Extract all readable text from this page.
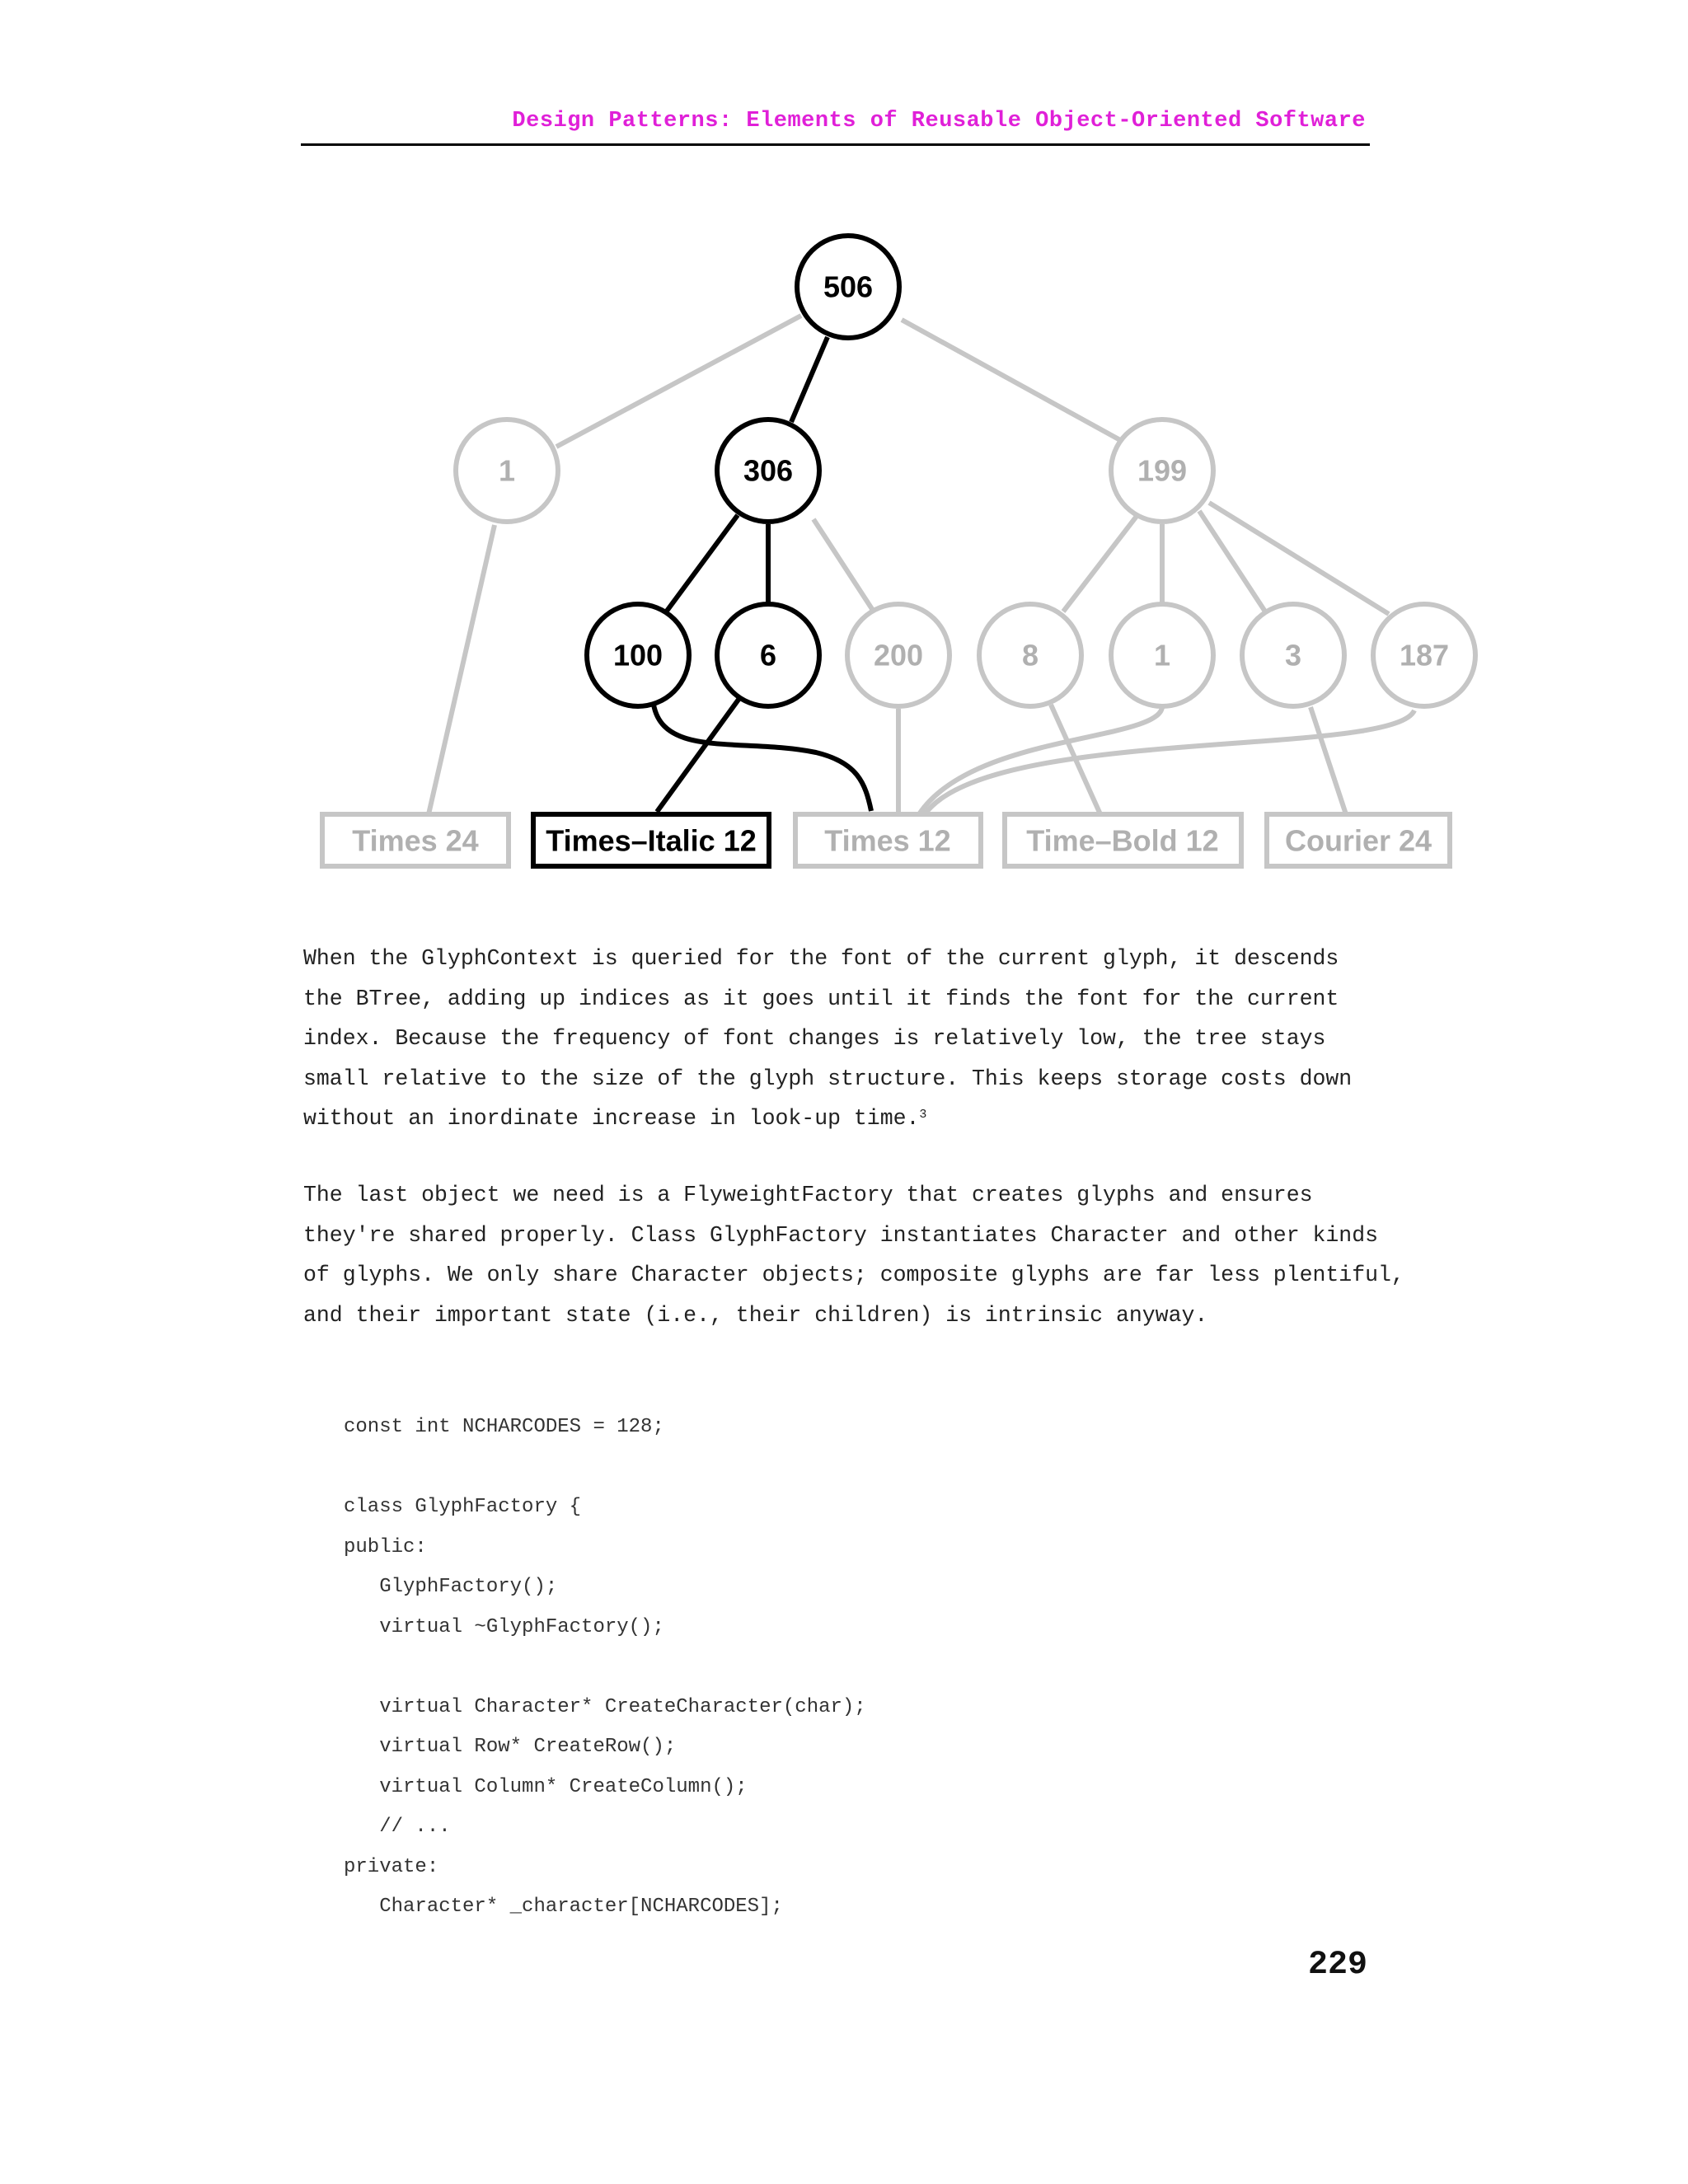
Design Patterns: Elements of Reusable Object-Oriented Software
506
1	306	199
100	6	200	8	1	3	187
Times 24 Times–Italic 12 Times 12	Time–Bold 12 Courier 24
When the GlyphContext is queried for the font of the current glyph, it descends
the BTree, adding up indices as it goes until it finds the font for the current
index. Because the frequency of font changes is relatively low, the tree stays
small relative to the size of the glyph structure. This keeps storage costs down
without an inordinate increase in look-up time.$^3$
The last object we need is a FlyweightFactory that creates glyphs and ensures
they're shared properly. Class GlyphFactory instantiates Character and other kinds
of glyphs. We only share Character objects; composite glyphs are far less plentiful,
and their important state (i.e., their children) is intrinsic anyway.

const int NCHARCODES = 128;

class GlyphFactory {

public:

GlyphFactory();

virtual ~GlyphFactory();

virtual Character* CreateCharacter(char);

virtual Row* CreateRow();

virtual Column* CreateColumn();

// ...

private:

Character* _character[NCHARCODES];

229
